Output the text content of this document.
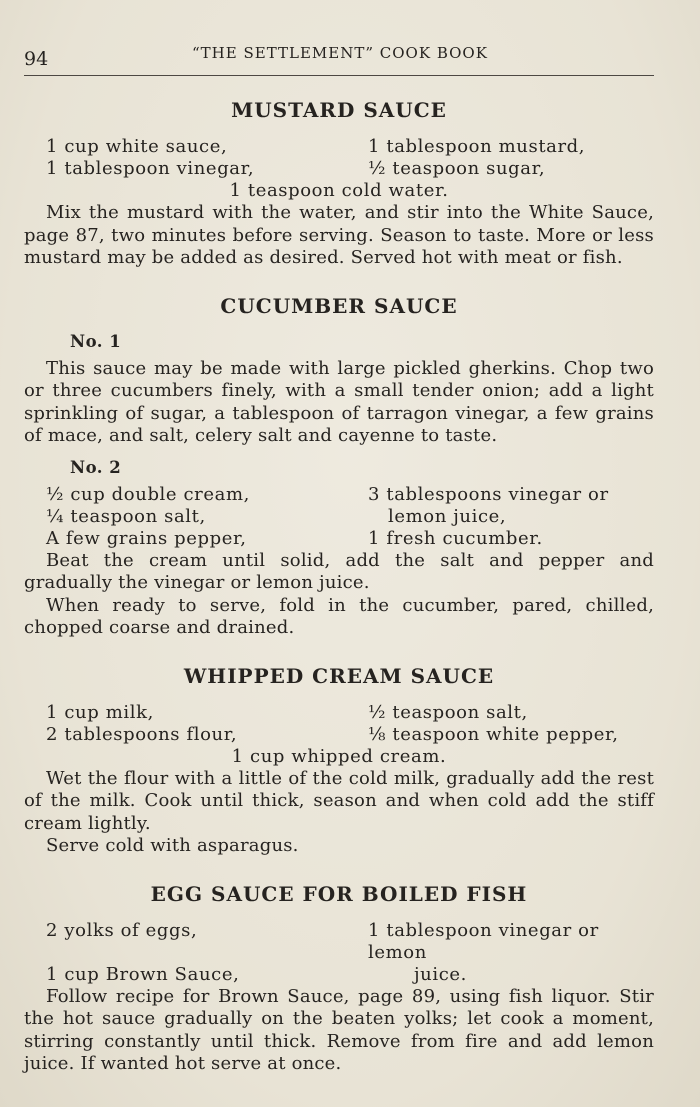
94	“THE SETTLEMENT” COOK BOOK
MUSTARD SAUCE
1 cup white sauce,	1 tablespoon mustard,
1 tablespoon vinegar,	½ teaspoon sugar,
1 teaspoon cold water.

Mix the mustard with the water, and stir into the White Sauce, page 87, two minutes before serving. Season to taste. More or less mustard may be added as desired. Served hot with meat or fish.

CUCUMBER SAUCE
No. 1

This sauce may be made with large pickled gherkins. Chop two or three cucumbers finely, with a small tender onion; add a light sprinkling of sugar, a tablespoon of tarragon vinegar, a few grains of mace, and salt, celery salt and cayenne to taste.

No. 2
½ cup double cream,	3 tablespoons vinegar or
¼ teaspoon salt,	lemon juice,
A few grains pepper,	1 fresh cucumber.

Beat the cream until solid, add the salt and pepper and gradually the vinegar or lemon juice.

When ready to serve, fold in the cucumber, pared, chilled, chopped coarse and drained.

WHIPPED CREAM SAUCE
1 cup milk,	½ teaspoon salt,
2 tablespoons flour,	⅛ teaspoon white pepper,
1 cup whipped cream.

Wet the flour with a little of the cold milk, gradually add the rest of the milk. Cook until thick, season and when cold add the stiff cream lightly.

Serve cold with asparagus.

EGG SAUCE FOR BOILED FISH
2 yolks of eggs,	1 tablespoon vinegar or lemon
1 cup Brown Sauce,	juice.

Follow recipe for Brown Sauce, page 89, using fish liquor. Stir the hot sauce gradually on the beaten yolks; let cook a moment, stirring constantly until thick. Remove from fire and add lemon juice. If wanted hot serve at once.
